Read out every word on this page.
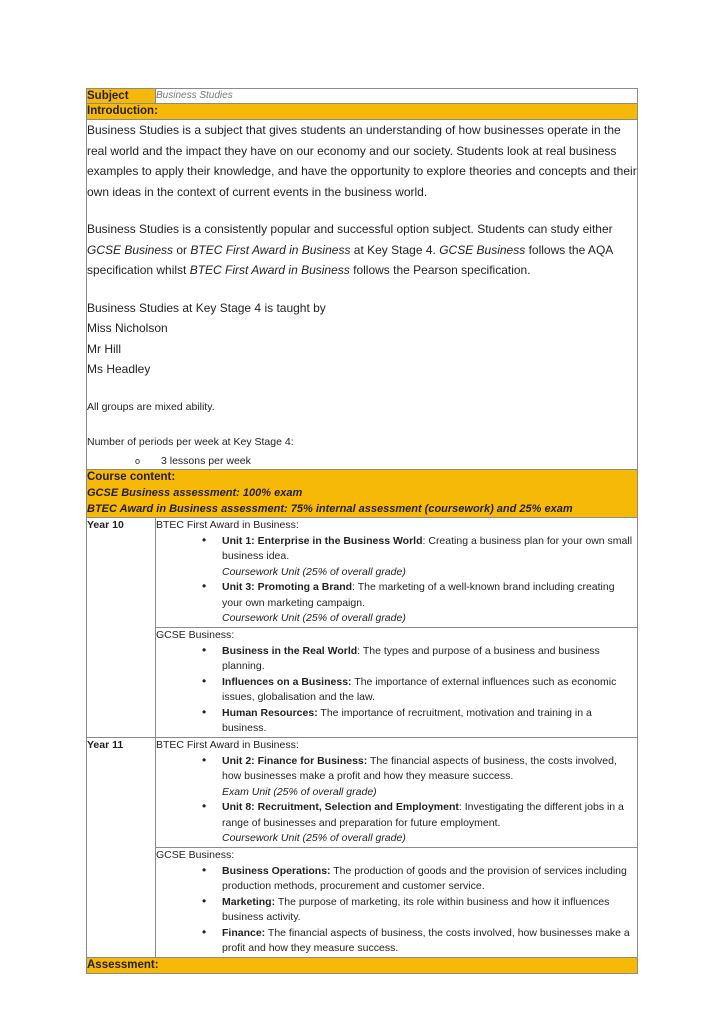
Subject	Business Studies
Introduction:	

Business Studies is a subject that gives students an understanding of how businesses operate in the real world and the impact they have on our economy and our society. Students look at real business examples to apply their knowledge, and have the opportunity to explore theories and concepts and their own ideas in the context of current events in the business world.

Business Studies is a consistently popular and successful option subject. Students can study either GCSE Business or BTEC First Award in Business at Key Stage 4. GCSE Business follows the AQA specification whilst BTEC First Award in Business follows the Pearson specification.

Business Studies at Key Stage 4 is taught by
Miss Nicholson
Mr Hill
Ms Headley

All groups are mixed ability.

Number of periods per week at Key Stage 4:

o	3 lessons per week

Course content:
GCSE Business assessment: 100% exam
BTEC Award in Business assessment: 75% internal assessment (coursework) and 25% exam	

Year 10	BTEC First Award in Business:
• Unit 1: Enterprise in the Business World: Creating a business plan for your own small business idea.
Coursework Unit (25% of overall grade)
• Unit 3: Promoting a Brand: The marketing of a well-known brand including creating your own marketing campaign.
Coursework Unit (25% of overall grade)

GCSE Business:
• Business in the Real World: The types and purpose of a business and business planning.
• Influences on a Business: The importance of external influences such as economic issues, globalisation and the law.
• Human Resources: The importance of recruitment, motivation and training in a business.

Year 11	BTEC First Award in Business:
• Unit 2: Finance for Business: The financial aspects of business, the costs involved, how businesses make a profit and how they measure success.
Exam Unit (25% of overall grade)
• Unit 8: Recruitment, Selection and Employment: Investigating the different jobs in a range of businesses and preparation for future employment.
Coursework Unit (25% of overall grade)

GCSE Business:
• Business Operations: The production of goods and the provision of services including production methods, procurement and customer service.
• Marketing: The purpose of marketing, its role within business and how it influences business activity.
• Finance: The financial aspects of business, the costs involved, how businesses make a profit and how they measure success.

Assessment:	
